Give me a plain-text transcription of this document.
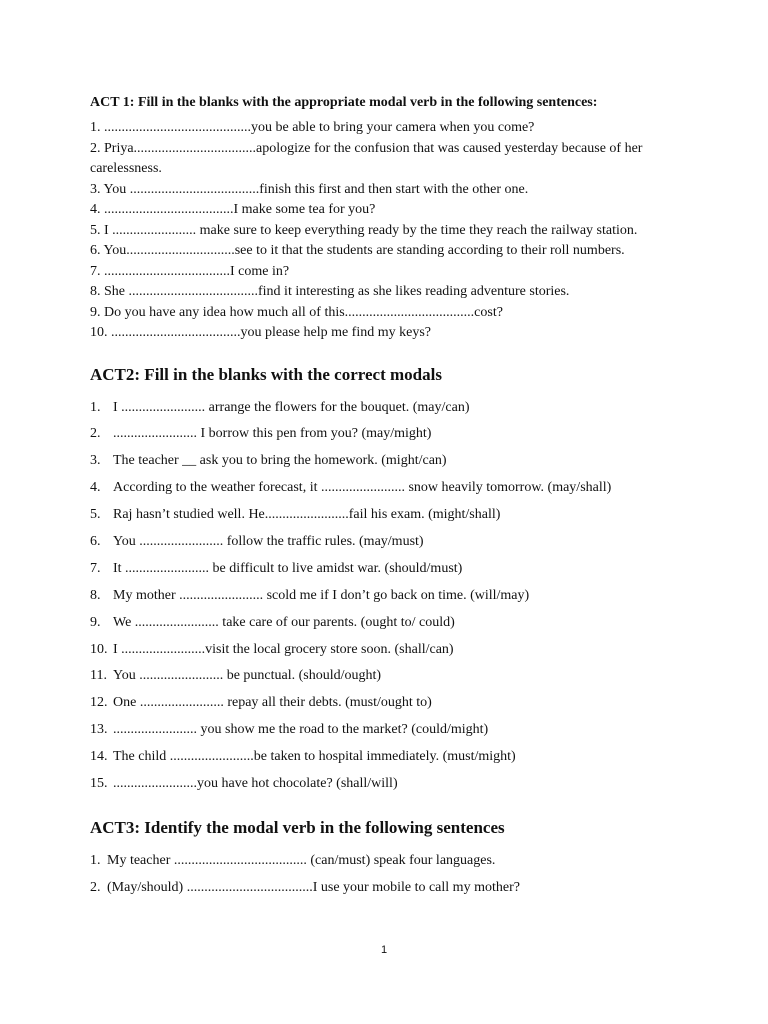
ACT 1: Fill in the blanks with the appropriate modal verb in the following sentences:
1. ..........................................you be able to bring your camera when you come?
2. Priya...................................apologize for the confusion that was caused yesterday because of her carelessness.
3. You .....................................finish this first and then start with the other one.
4. .....................................I make some tea for you?
5. I ........................ make sure to keep everything ready by the time they reach the railway station.
6. You...............................see to it that the students are standing according to their roll numbers.
7. ....................................I come in?
8. She .....................................find it interesting as she likes reading adventure stories.
9. Do you have any idea how much all of this.....................................cost?
10. .....................................you please help me find my keys?
ACT2: Fill in the blanks with the correct modals
1. I ........................ arrange the flowers for the bouquet. (may/can)
2. ........................ I borrow this pen from you? (may/might)
3. The teacher __ ask you to bring the homework. (might/can)
4. According to the weather forecast, it ........................ snow heavily tomorrow. (may/shall)
5. Raj hasn’t studied well. He........................fail his exam. (might/shall)
6. You ........................ follow the traffic rules. (may/must)
7. It ........................ be difficult to live amidst war. (should/must)
8. My mother ........................ scold me if I don’t go back on time. (will/may)
9. We ........................ take care of our parents. (ought to/ could)
10. I ........................visit the local grocery store soon. (shall/can)
11. You ........................ be punctual. (should/ought)
12. One ........................ repay all their debts. (must/ought to)
13. ........................ you show me the road to the market? (could/might)
14. The child ........................be taken to hospital immediately. (must/might)
15. ........................you have hot chocolate? (shall/will)
ACT3: Identify the modal verb in the following sentences
1. My teacher ...................................... (can/must) speak four languages.
2. (May/should) ....................................I use your mobile to call my mother?
1
